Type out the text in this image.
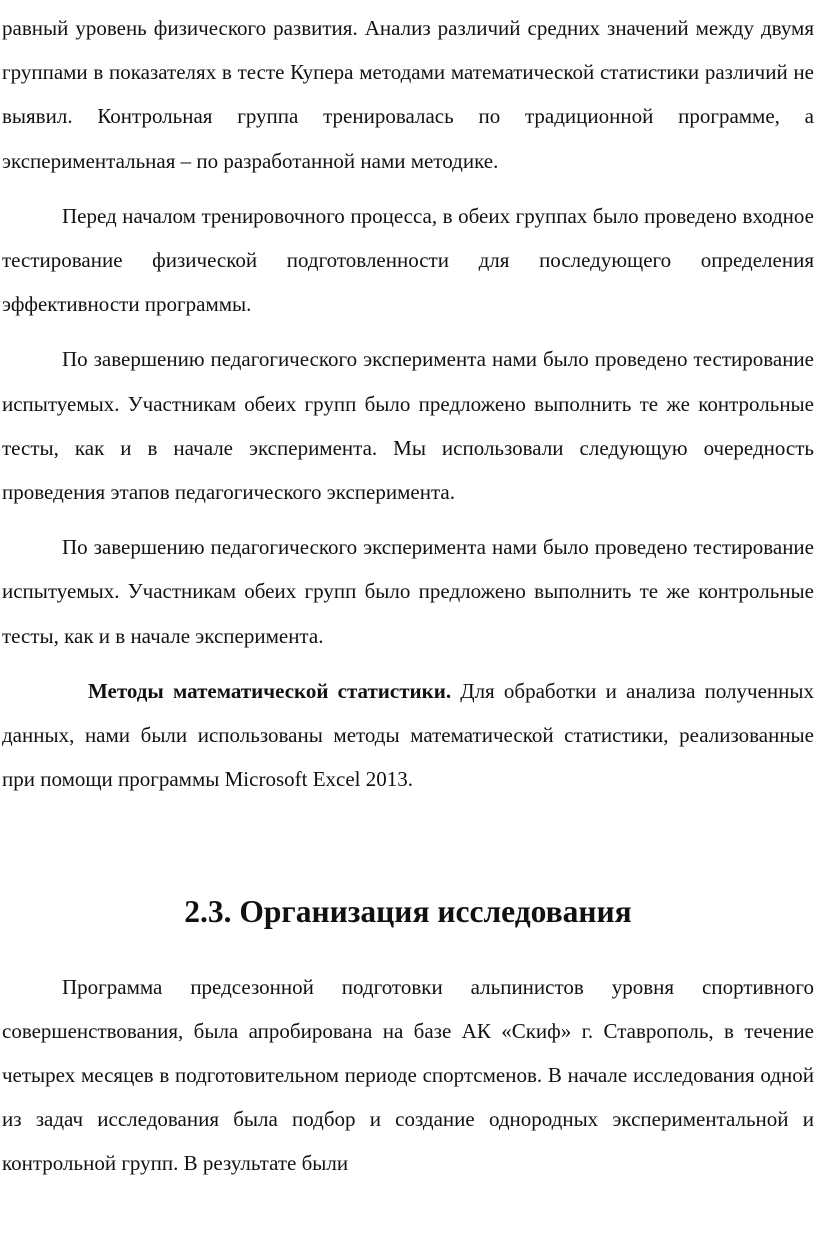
равный уровень физического развития. Анализ различий средних значений между двумя группами в показателях в тесте Купера методами математической статистики различий не выявил. Контрольная группа тренировалась по традиционной программе, а экспериментальная – по разработанной нами методике.

Перед началом тренировочного процесса, в обеих группах было проведено входное тестирование физической подготовленности для последующего определения эффективности программы.

По завершению педагогического эксперимента нами было проведено тестирование испытуемых. Участникам обеих групп было предложено выполнить те же контрольные тесты, как и в начале эксперимента. Мы использовали следующую очередность проведения этапов педагогического эксперимента.

По завершению педагогического эксперимента нами было проведено тестирование испытуемых. Участникам обеих групп было предложено выполнить те же контрольные тесты, как и в начале эксперимента.

Методы математической статистики. Для обработки и анализа полученных данных, нами были использованы методы математической статистики, реализованные при помощи программы Microsoft Excel 2013.

2.3. Организация исследования

Программа предсезонной подготовки альпинистов уровня спортивного совершенствования, была апробирована на базе АК «Скиф» г. Ставрополь, в течение четырех месяцев в подготовительном периоде спортсменов. В начале исследования одной из задач исследования была подбор и создание однородных экспериментальной и контрольной групп. В результате были
